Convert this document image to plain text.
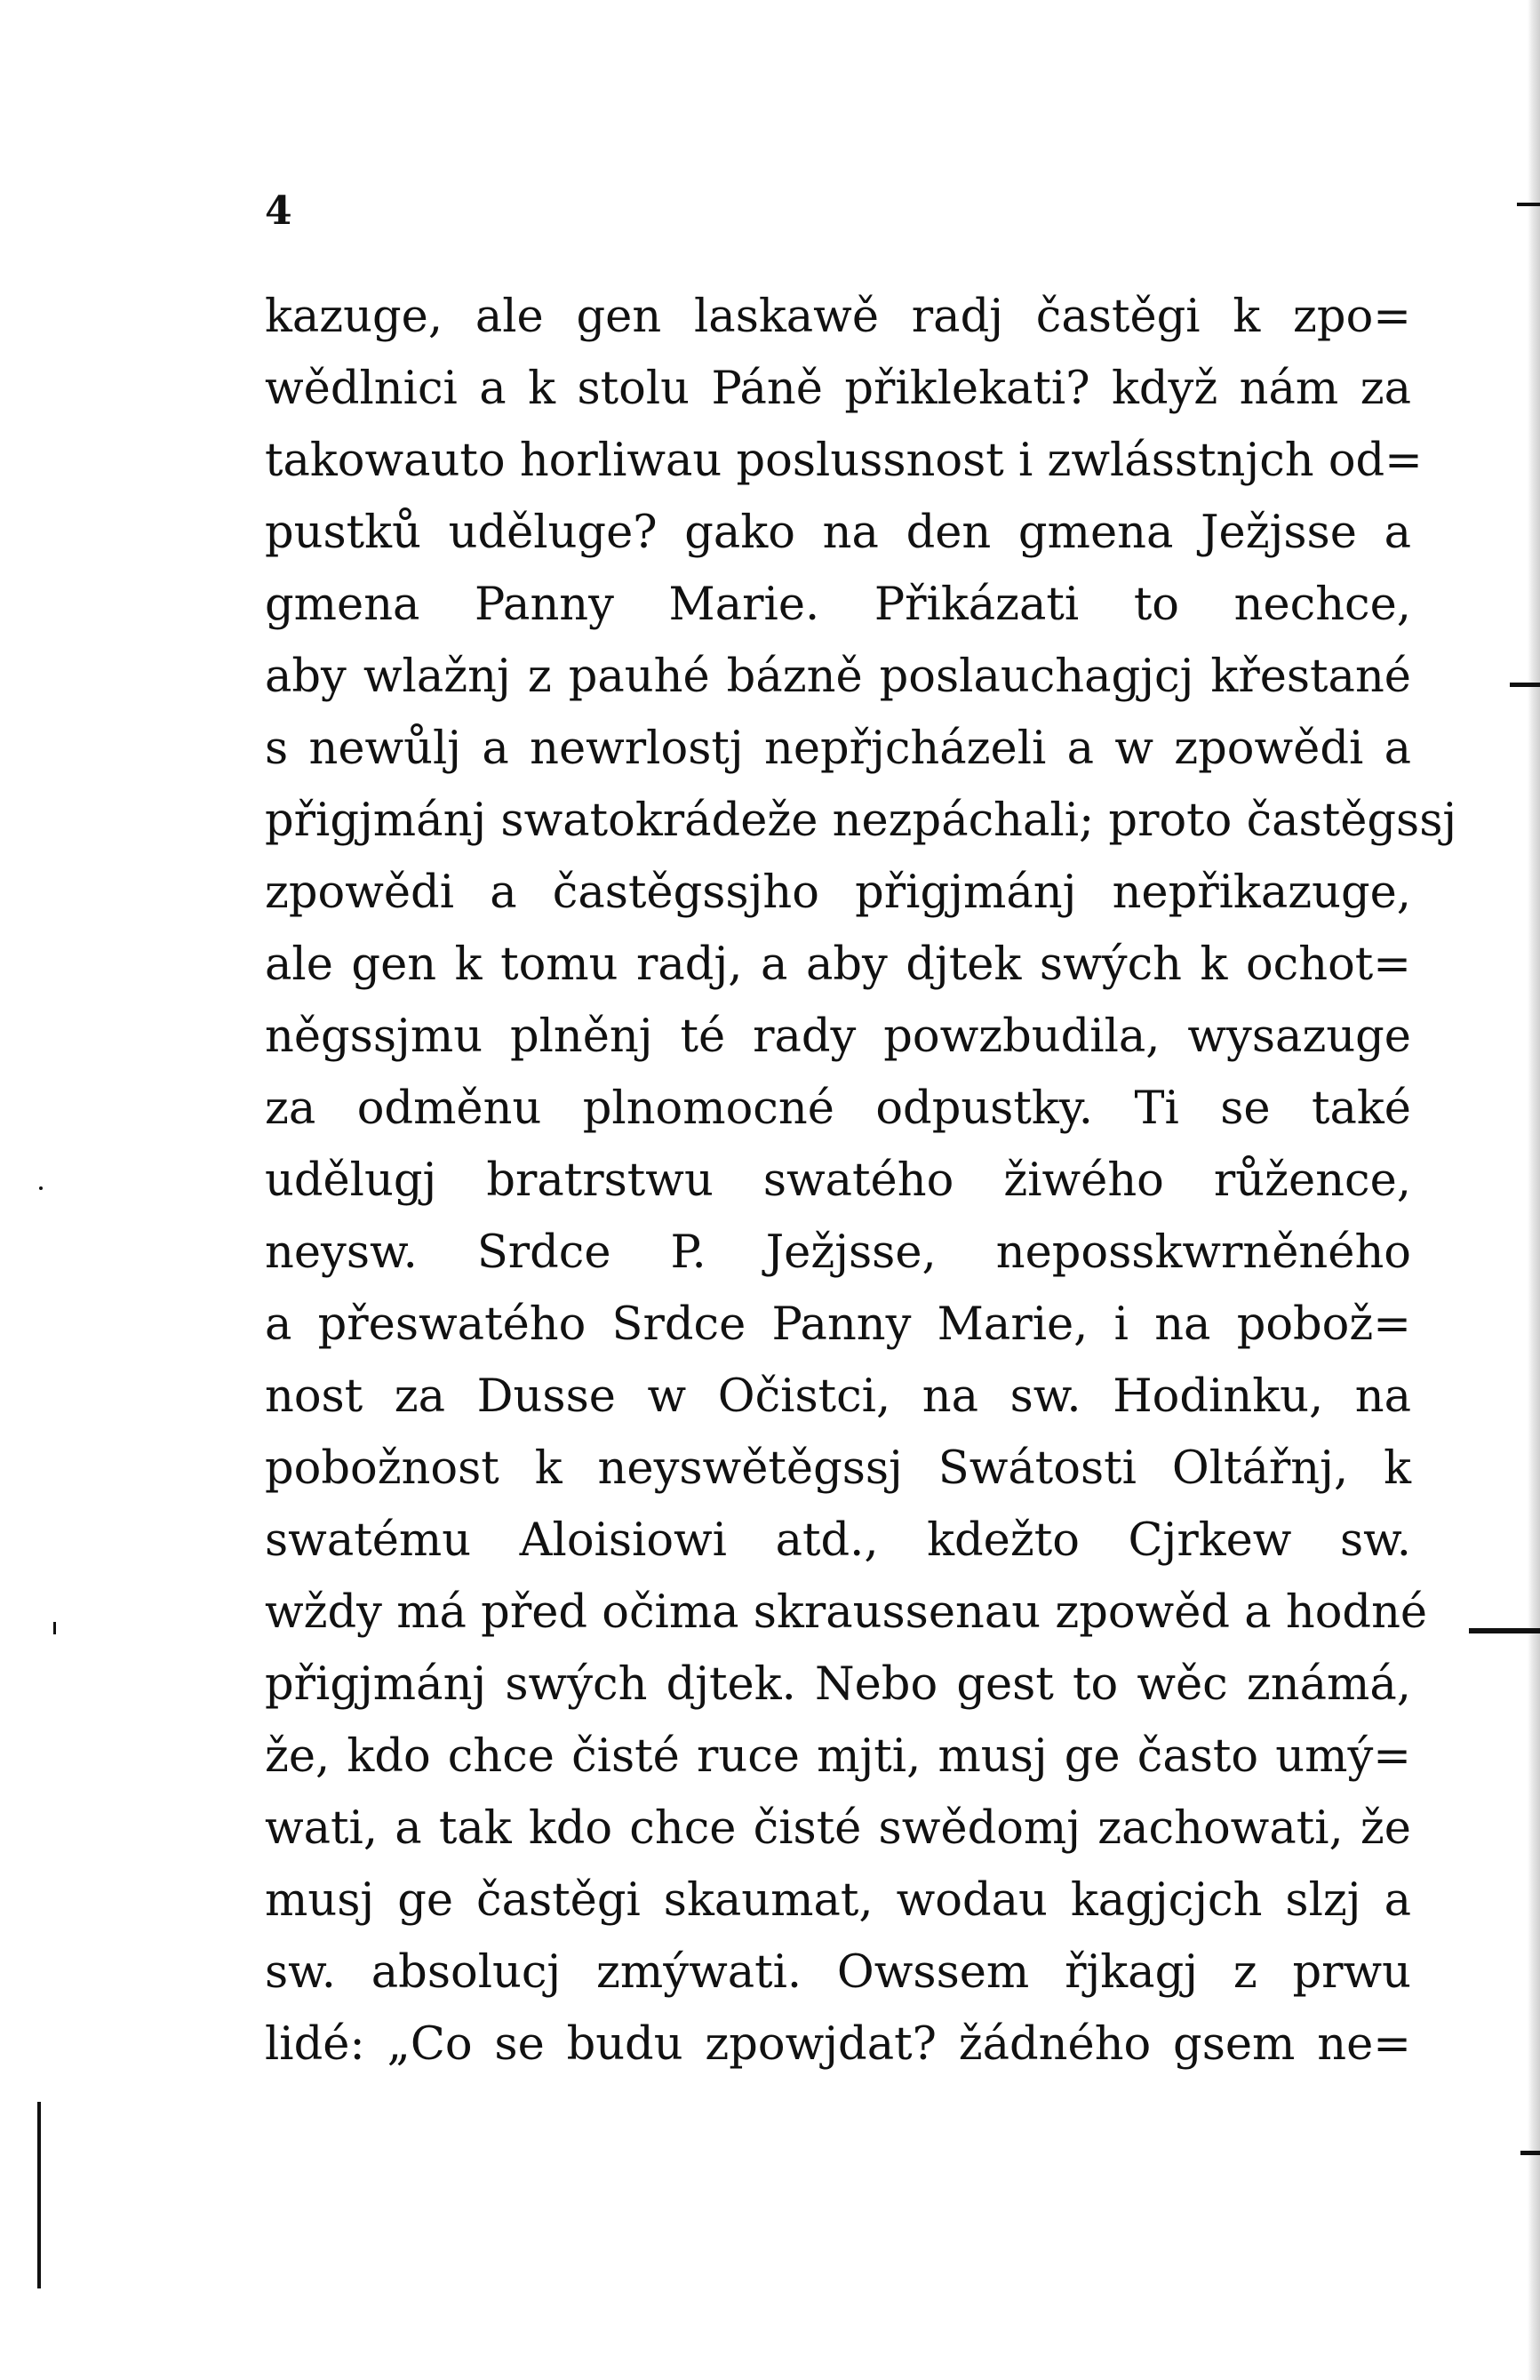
4
kazuge, ale gen laskawě radj častěgi k zpo=
wědlnici a k stolu Páně přiklekati? když nám za
takowauto horliwau poslussnost i zwlásstnjch od=
pustků uděluge? gako na den gmena Ježjsse a
gmena Panny Marie. Přikázati to nechce,
aby wlažnj z pauhé bázně poslauchagjcj křestané
s newůlj a newrlostj nepřjcházeli a w zpowědi a
přigjmánj swatokrádeže nezpáchali; proto častěgssj
zpowědi a častěgssjho přigjmánj nepřikazuge,
ale gen k tomu radj, a aby djtek swých k ochot=
něgssjmu plněnj té rady powzbudila, wysazuge
za odměnu plnomocné odpustky. Ti se také
udělugj bratrstwu swatého žiwého růžence,
neysw. Srdce P. Ježjsse, neposskwrněného
a přeswatého Srdce Panny Marie, i na pobož=
nost za Dusse w Očistci, na sw. Hodinku, na
pobožnost k neyswětěgssj Swátosti Oltářnj, k
swatému Aloisiowi atd., kdežto Cjrkew sw.
wždy má před očima skraussenau zpowěd a hodné
přigjmánj swých djtek. Nebo gest to wěc známá,
že, kdo chce čisté ruce mjti, musj ge často umý=
wati, a tak kdo chce čisté swědomj zachowati, že
musj ge častěgi skaumat, wodau kagjcjch slzj a
sw. absolucj zmýwati. Owssem řjkagj z prwu
lidé: „Co se budu zpowjdat? žádného gsem ne=
